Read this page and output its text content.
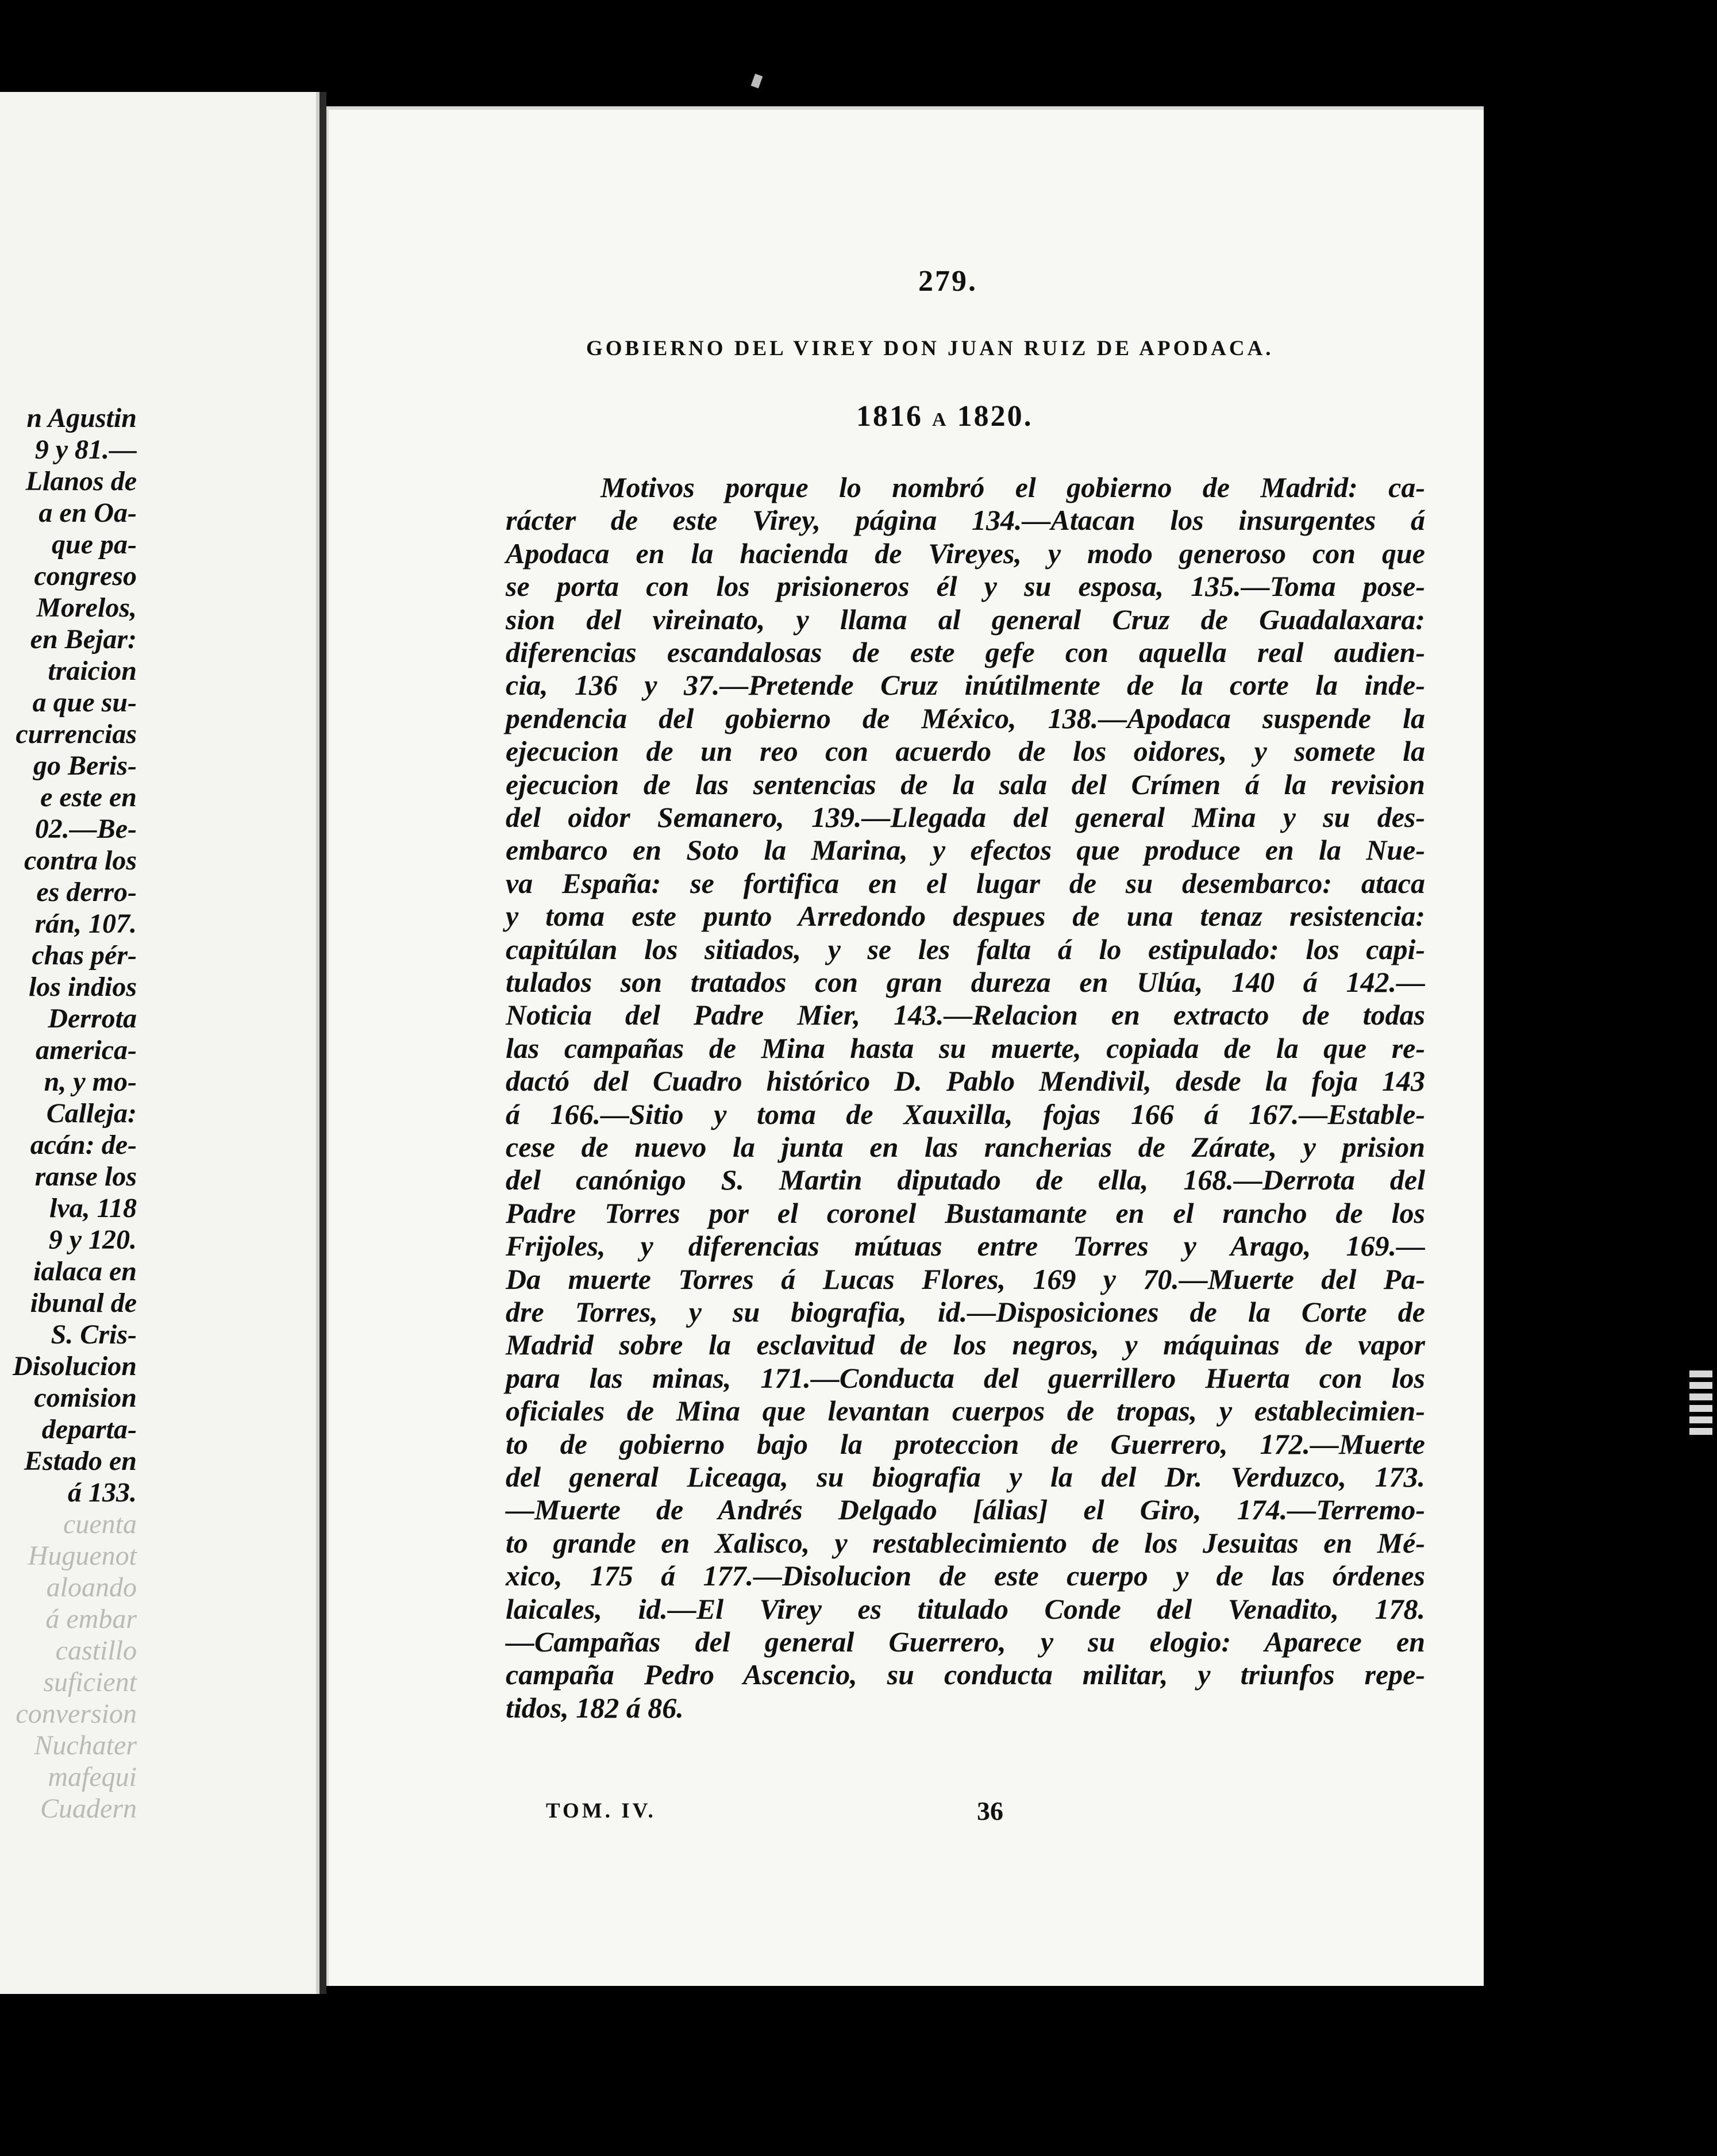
n Agustin
9 y 81.—
Llanos de
a en Oa-
que pa-
congreso
Morelos,
en Bejar:
traicion
a que su-
currencias
go Beris-
e este en
02.—Be-
contra los
es derro-
rán, 107.
chas pér-
los indios
Derrota
america-
n, y mo-
Calleja:
acán: de-
ranse los
lva, 118
9 y 120.
ialaca en
ibunal de
S. Cris-
Disolucion
comision
departa-
Estado en
á 133.
cuenta
Huguenot
aloando
á embar
castillo
suficient
conversion
Nuchater
mafequi
Cuadern
279.
GOBIERNO DEL VIREY DON JUAN RUIZ DE APODACA.
1816 A 1820.
Motivos porque lo nombró el gobierno de Madrid: ca-
rácter de este Virey, página 134.—Atacan los insurgentes á
Apodaca en la hacienda de Vireyes, y modo generoso con que
se porta con los prisioneros él y su esposa, 135.—Toma pose-
sion del vireinato, y llama al general Cruz de Guadalaxara:
diferencias escandalosas de este gefe con aquella real audien-
cia, 136 y 37.—Pretende Cruz inútilmente de la corte la inde-
pendencia del gobierno de México, 138.—Apodaca suspende la
ejecucion de un reo con acuerdo de los oidores, y somete la
ejecucion de las sentencias de la sala del Crímen á la revision
del oidor Semanero, 139.—Llegada del general Mina y su des-
embarco en Soto la Marina, y efectos que produce en la Nue-
va España: se fortifica en el lugar de su desembarco: ataca
y toma este punto Arredondo despues de una tenaz resistencia:
capitúlan los sitiados, y se les falta á lo estipulado: los capi-
tulados son tratados con gran dureza en Ulúa, 140 á 142.—
Noticia del Padre Mier, 143.—Relacion en extracto de todas
las campañas de Mina hasta su muerte, copiada de la que re-
dactó del Cuadro histórico D. Pablo Mendivil, desde la foja 143
á 166.—Sitio y toma de Xauxilla, fojas 166 á 167.—Estable-
cese de nuevo la junta en las rancherias de Zárate, y prision
del canónigo S. Martin diputado de ella, 168.—Derrota del
Padre Torres por el coronel Bustamante en el rancho de los
Frijoles, y diferencias mútuas entre Torres y Arago, 169.—
Da muerte Torres á Lucas Flores, 169 y 70.—Muerte del Pa-
dre Torres, y su biografia, id.—Disposiciones de la Corte de
Madrid sobre la esclavitud de los negros, y máquinas de vapor
para las minas, 171.—Conducta del guerrillero Huerta con los
oficiales de Mina que levantan cuerpos de tropas, y establecimien-
to de gobierno bajo la proteccion de Guerrero, 172.—Muerte
del general Liceaga, su biografia y la del Dr. Verduzco, 173.
—Muerte de Andrés Delgado [álias] el Giro, 174.—Terremo-
to grande en Xalisco, y restablecimiento de los Jesuitas en Mé-
xico, 175 á 177.—Disolucion de este cuerpo y de las órdenes
laicales, id.—El Virey es titulado Conde del Venadito, 178.
—Campañas del general Guerrero, y su elogio: Aparece en
campaña Pedro Ascencio, su conducta militar, y triunfos repe-
tidos, 182 á 86.
TOM. IV.	36
